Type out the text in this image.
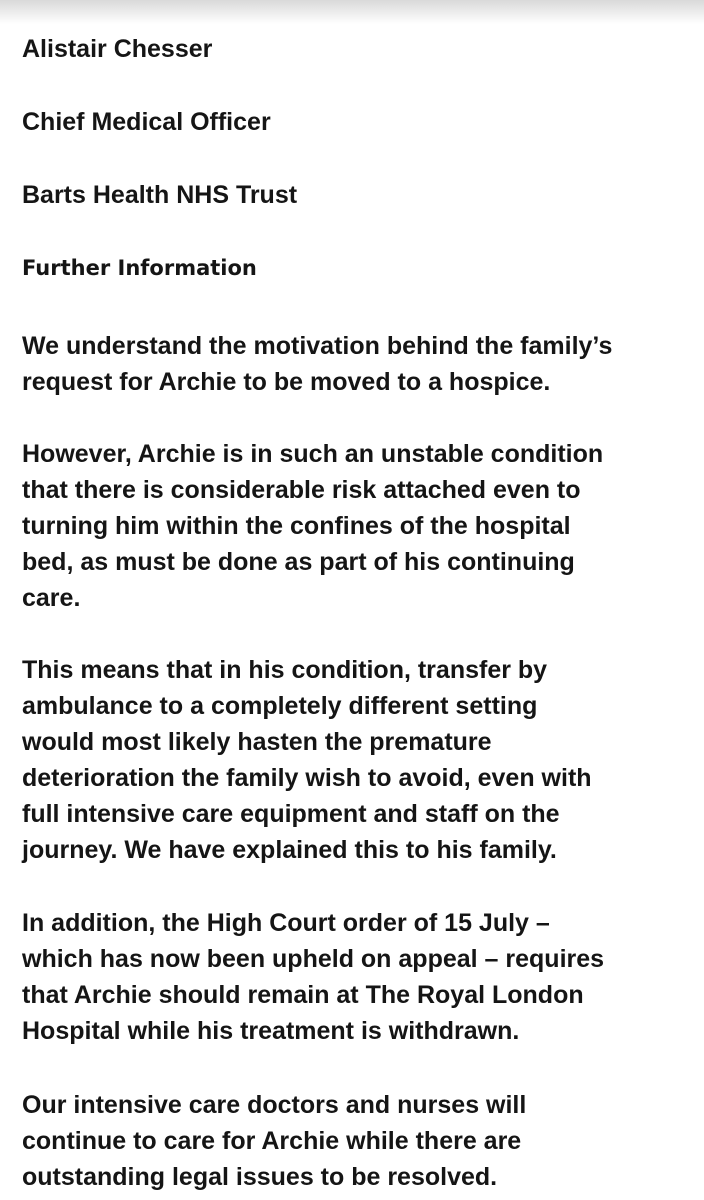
Alistair Chesser
Chief Medical Officer
Barts Health NHS Trust
Further Information
We understand the motivation behind the family’s
request for Archie to be moved to a hospice.
However, Archie is in such an unstable condition
that there is considerable risk attached even to
turning him within the confines of the hospital
bed, as must be done as part of his continuing
care.
This means that in his condition, transfer by
ambulance to a completely different setting
would most likely hasten the premature
deterioration the family wish to avoid, even with
full intensive care equipment and staff on the
journey. We have explained this to his family.
In addition, the High Court order of 15 July –
which has now been upheld on appeal – requires
that Archie should remain at The Royal London
Hospital while his treatment is withdrawn.
Our intensive care doctors and nurses will
continue to care for Archie while there are
outstanding legal issues to be resolved.
